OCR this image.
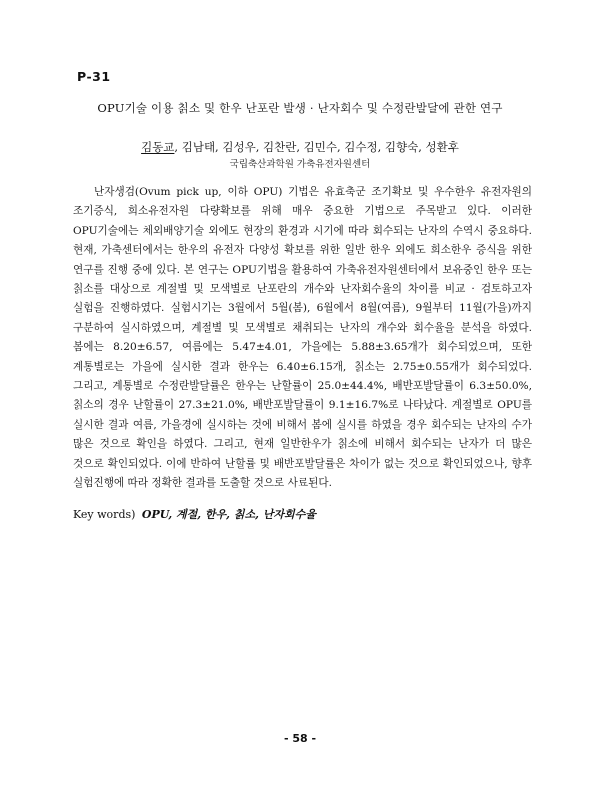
P-31
OPU기술 이용 칡소 및 한우 난포란 발생 · 난자회수 및 수정란발달에 관한 연구
김동교, 김남태, 김성우, 김찬란, 김민수, 김수정, 김향숙, 성환후
국립축산과학원 가축유전자원센터

난자생검(Ovum pick up, 이하 OPU) 기법은 유효축군 조기확보 및 우수한우 유전자원의 조기증식, 희소유전자원 다량확보를 위해 매우 중요한 기법으로 주목받고 있다. 이러한 OPU기술에는 체외배양기술 외에도 현장의 환경과 시기에 따라 회수되는 난자의 수역시 중요하다. 현재, 가축센터에서는 한우의 유전자 다양성 확보를 위한 일반 한우 외에도 희소한우 증식을 위한 연구를 진행 중에 있다. 본 연구는 OPU기법을 활용하여 가축유전자원센터에서 보유중인 한우 또는 칡소를 대상으로 계절별 및 모색별로 난포란의 개수와 난자회수율의 차이를 비교 · 검토하고자 실험을 진행하였다. 실험시기는 3월에서 5월(봄), 6월에서 8월(여름), 9월부터 11월(가을)까지 구분하여 실시하였으며, 계절별 및 모색별로 채취되는 난자의 개수와 회수율을 분석을 하였다. 봄에는 8.20±6.57, 여름에는 5.47±4.01, 가을에는 5.88±3.65개가 회수되었으며, 또한 계통별로는 가을에 실시한 결과 한우는 6.40±6.15개, 칡소는 2.75±0.55개가 회수되었다. 그리고, 계통별로 수정란발달률은 한우는 난할률이 25.0±44.4%, 배반포발달률이 6.3±50.0%, 칡소의 경우 난할률이 27.3±21.0%, 배반포발달률이 9.1±16.7%로 나타났다. 계절별로 OPU를 실시한 결과 여름, 가을경에 실시하는 것에 비해서 봄에 실시를 하였을 경우 회수되는 난자의 수가 많은 것으로 확인을 하였다. 그리고, 현재 일반한우가 칡소에 비해서 회수되는 난자가 더 많은 것으로 확인되었다. 이에 반하여 난할률 및 배반포발달률은 차이가 없는 것으로 확인되었으나, 향후 실험진행에 따라 정확한 결과를 도출할 것으로 사료된다.

Key words) OPU, 계절, 한우, 칡소, 난자회수율
- 58 -
